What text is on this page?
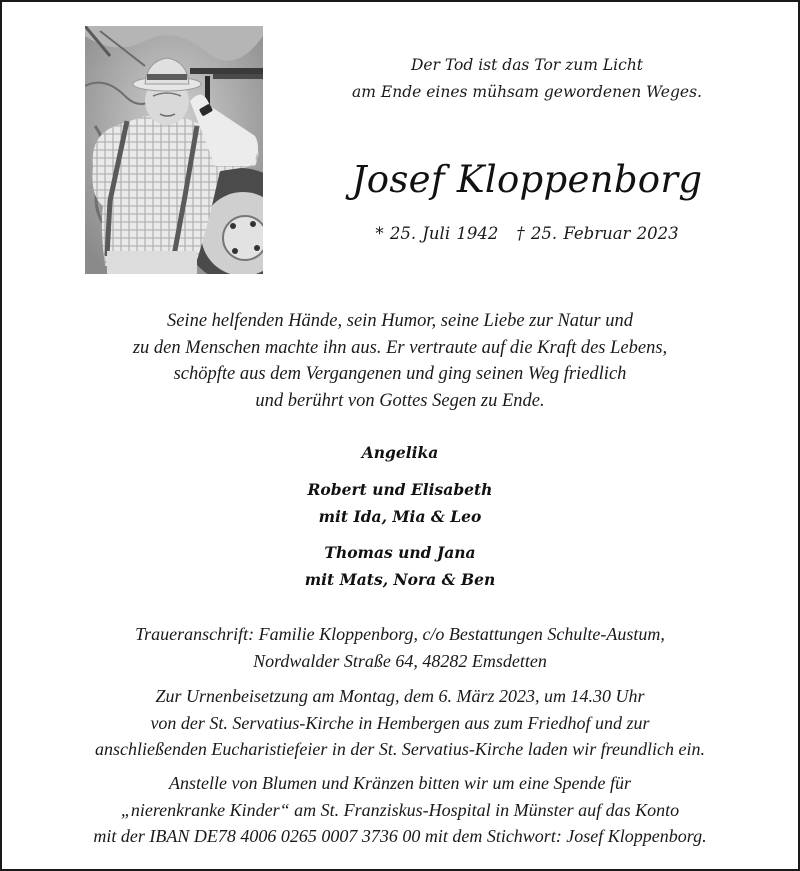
Der Tod ist das Tor zum Licht
am Ende eines mühsam gewordenen Weges.

Josef Kloppenborg
* 25. Juli 1942 † 25. Februar 2023
Seine helfenden Hände, sein Humor, seine Liebe zur Natur und
zu den Menschen machte ihn aus. Er vertraute auf die Kraft des Lebens,
schöpfte aus dem Vergangenen und ging seinen Weg friedlich
und berührt von Gottes Segen zu Ende.
Angelika
Robert und Elisabeth
mit Ida, Mia & Leo
Thomas und Jana
mit Mats, Nora & Ben
Traueranschrift: Familie Kloppenborg, c/o Bestattungen Schulte-Austum,
Nordwalder Straße 64, 48282 Emsdetten
Zur Urnenbeisetzung am Montag, dem 6. März 2023, um 14.30 Uhr
von der St. Servatius-Kirche in Hembergen aus zum Friedhof und zur
anschließenden Eucharistiefeier in der St. Servatius-Kirche laden wir freundlich ein.
Anstelle von Blumen und Kränzen bitten wir um eine Spende für
„nierenkranke Kinder“ am St. Franziskus-Hospital in Münster auf das Konto
mit der IBAN DE78 4006 0265 0007 3736 00 mit dem Stichwort: Josef Kloppenborg.
